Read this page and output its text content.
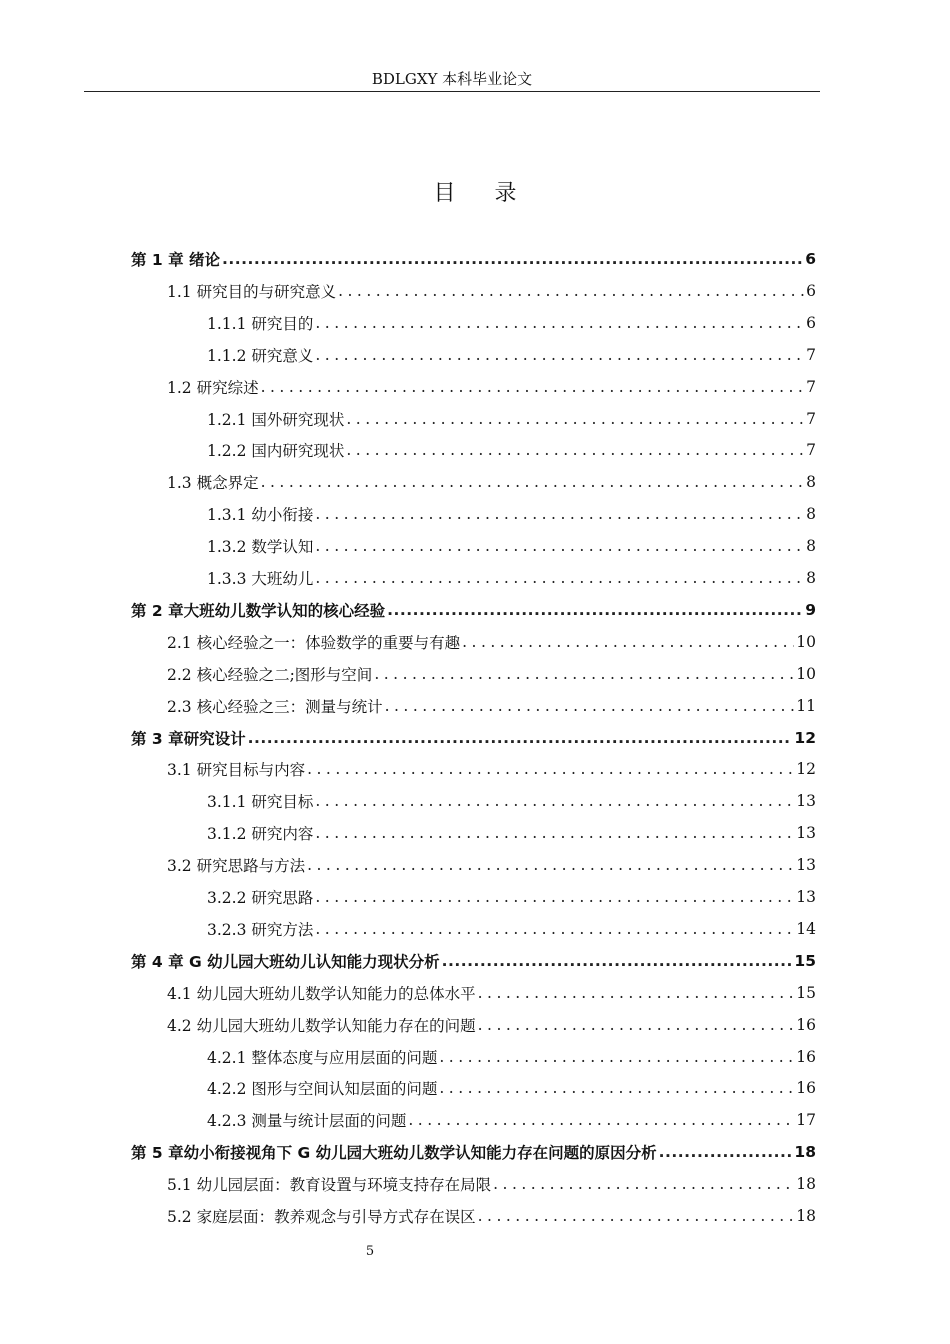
BDLGXY 本科毕业论文
目 录
第 1 章 绪论 .....	6
1.1 研究目的与研究意义 .....	6
1.1.1 研究目的 .....	6
1.1.2 研究意义 .....	7
1.2 研究综述 .....	7
1.2.1 国外研究现状 .....	7
1.2.2 国内研究现状 .....	7
1.3 概念界定 .....	8
1.3.1 幼小衔接 .....	8
1.3.2 数学认知 .....	8
1.3.3 大班幼儿 .....	8
第 2 章大班幼儿数学认知的核心经验 .....	9
2.1 核心经验之一：体验数学的重要与有趣 .....	10
2.2 核心经验之二;图形与空间 .....	10
2.3 核心经验之三：测量与统计 .....	11
第 3 章研究设计 .....	12
3.1 研究目标与内容 .....	12
3.1.1 研究目标 .....	13
3.1.2 研究内容 .....	13
3.2 研究思路与方法 .....	13
3.2.2 研究思路 .....	13
3.2.3 研究方法 .....	14
第 4 章 G 幼儿园大班幼儿认知能力现状分析 .....	15
4.1 幼儿园大班幼儿数学认知能力的总体水平 .....	15
4.2 幼儿园大班幼儿数学认知能力存在的问题 .....	16
4.2.1 整体态度与应用层面的问题 .....	16
4.2.2 图形与空间认知层面的问题 .....	16
4.2.3 测量与统计层面的问题 .....	17
第 5 章幼小衔接视角下 G 幼儿园大班幼儿数学认知能力存在问题的原因分析 .....	18
5.1 幼儿园层面：教育设置与环境支持存在局限 .....	18
5.2 家庭层面：教养观念与引导方式存在误区 .....	18
5
